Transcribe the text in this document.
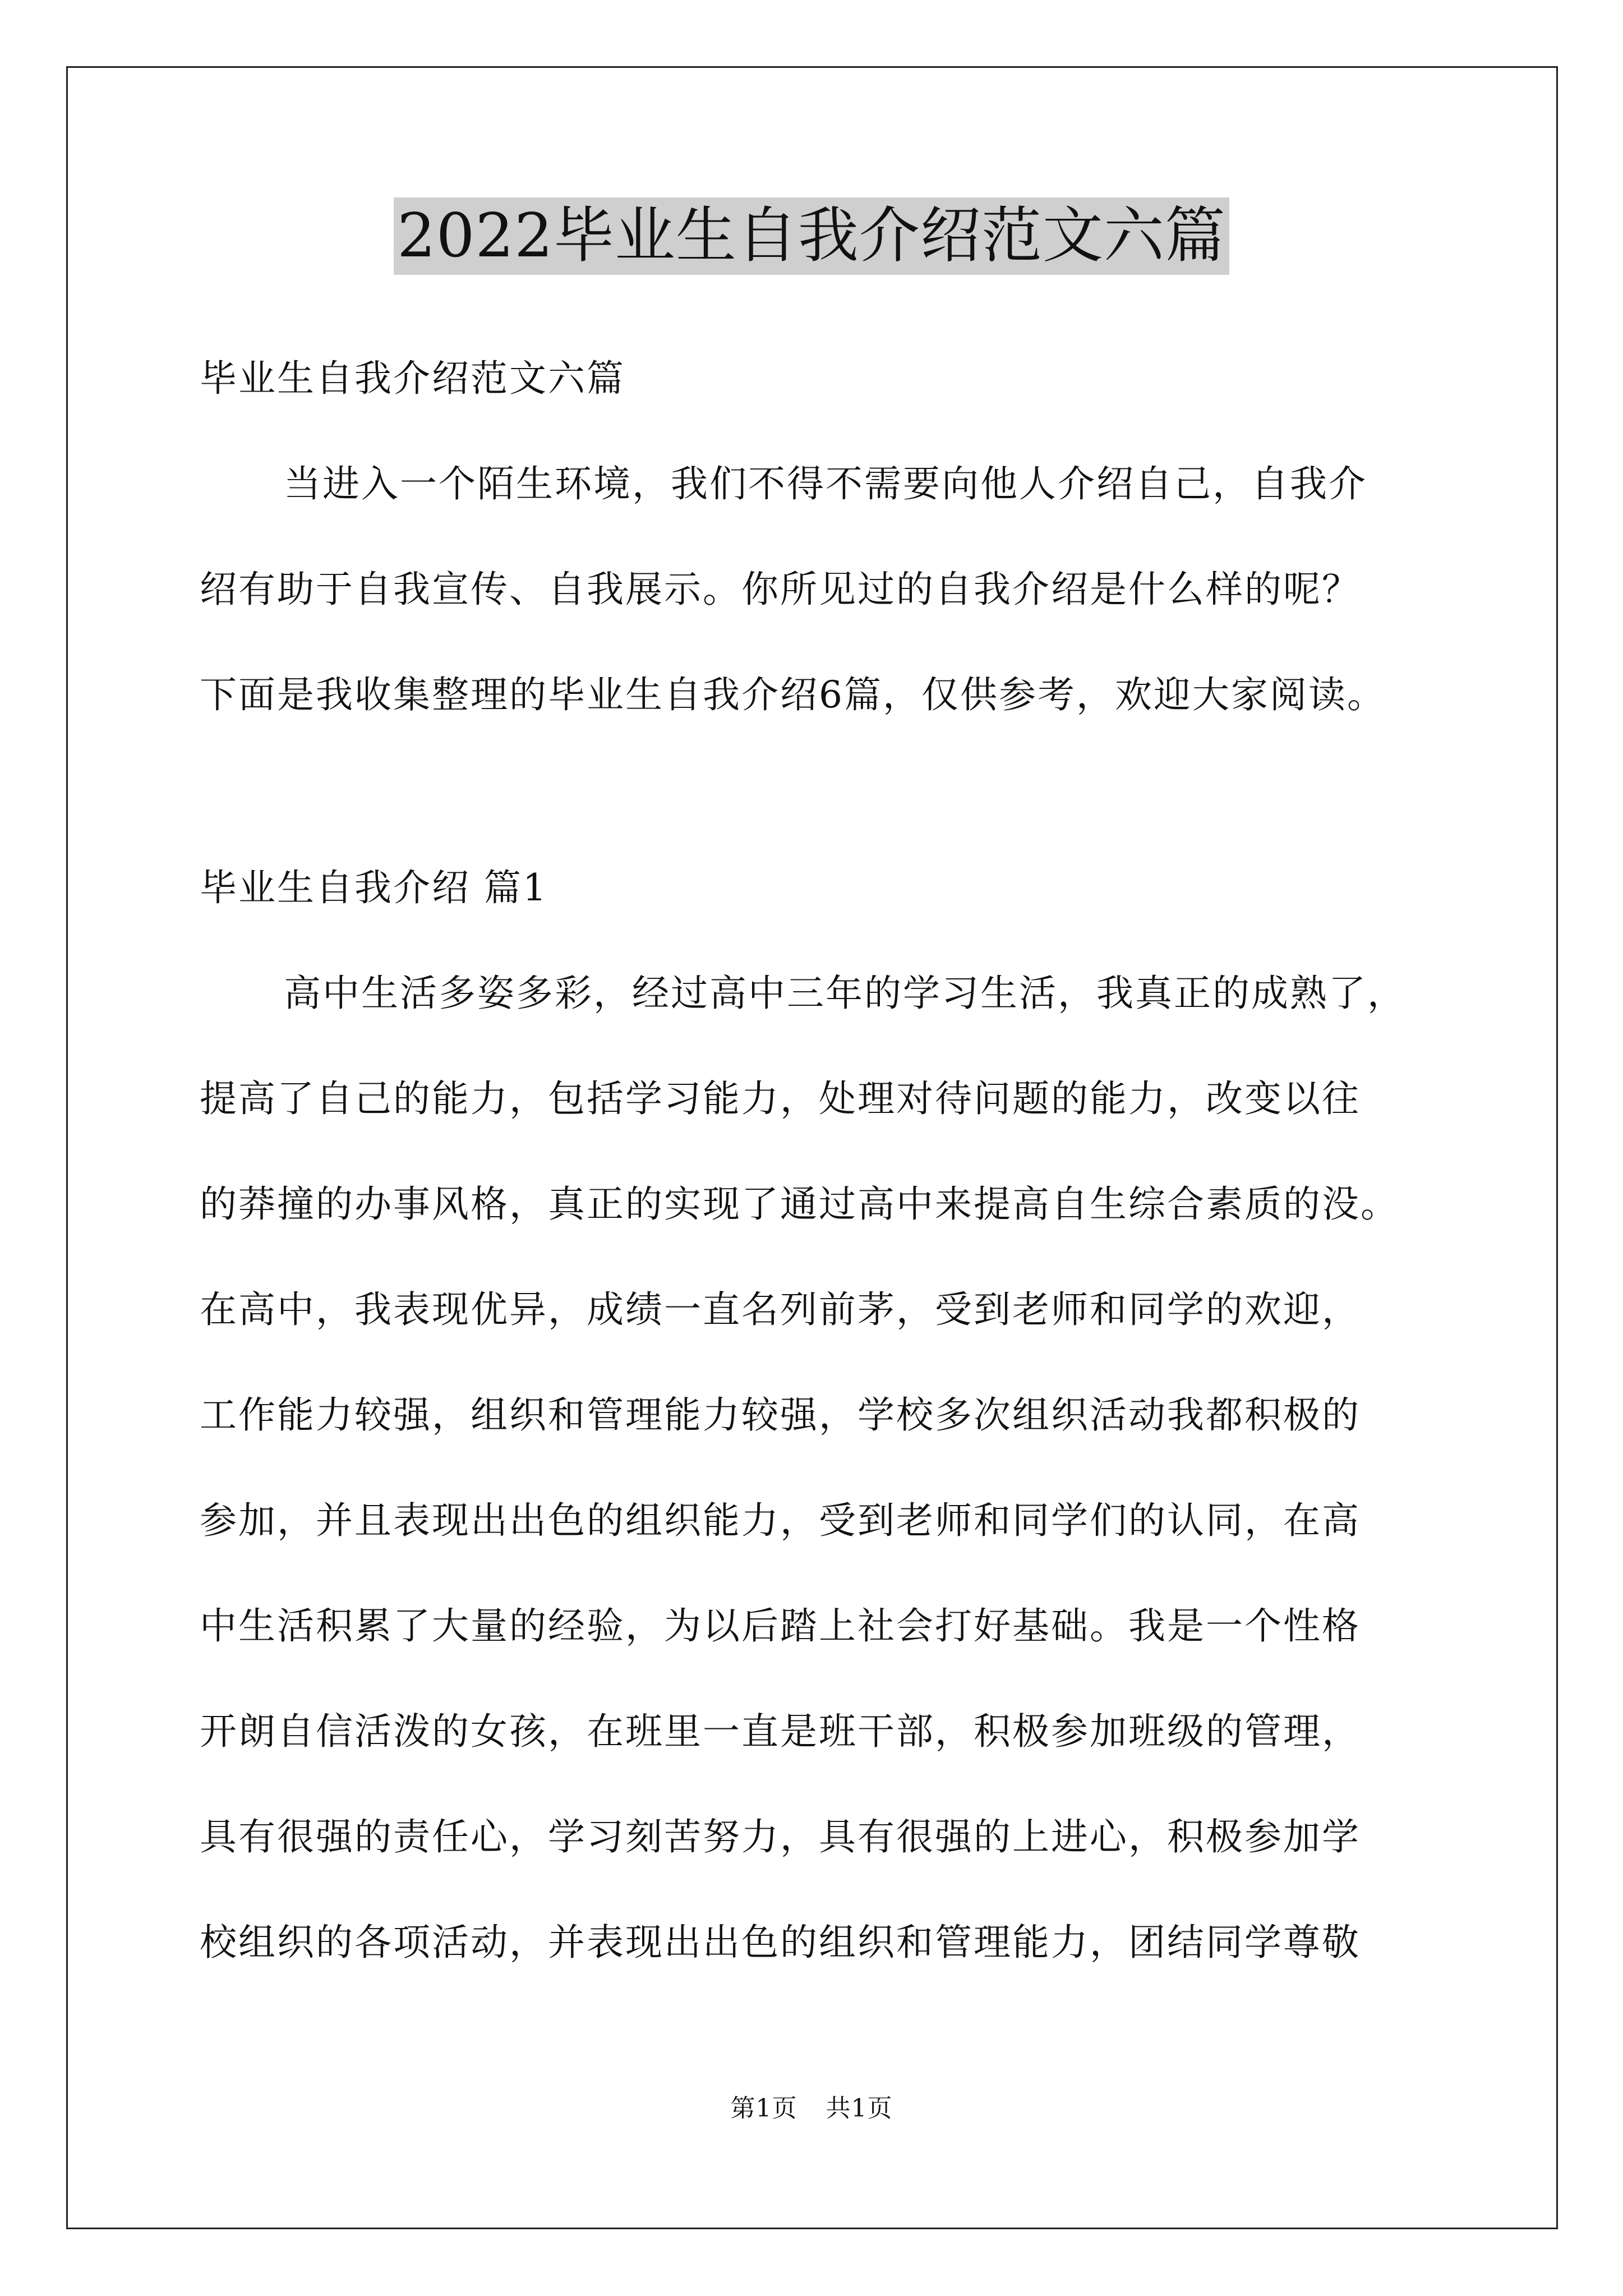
2022毕业生自我介绍范文六篇
毕业生自我介绍范文六篇
当进入一个陌生环境，我们不得不需要向他人介绍自己，自我介
绍有助于自我宣传、自我展示。你所见过的自我介绍是什么样的呢？
下面是我收集整理的毕业生自我介绍6篇，仅供参考，欢迎大家阅读。
毕业生自我介绍 篇1
高中生活多姿多彩，经过高中三年的学习生活，我真正的成熟了，
提高了自己的能力，包括学习能力，处理对待问题的能力，改变以往
的莽撞的办事风格，真正的实现了通过高中来提高自生综合素质的没。
在高中，我表现优异，成绩一直名列前茅，受到老师和同学的欢迎，
工作能力较强，组织和管理能力较强，学校多次组织活动我都积极的
参加，并且表现出出色的组织能力，受到老师和同学们的认同，在高
中生活积累了大量的经验，为以后踏上社会打好基础。我是一个性格
开朗自信活泼的女孩，在班里一直是班干部，积极参加班级的管理，
具有很强的责任心，学习刻苦努力，具有很强的上进心，积极参加学
校组织的各项活动，并表现出出色的组织和管理能力，团结同学尊敬
第1页 共1页
